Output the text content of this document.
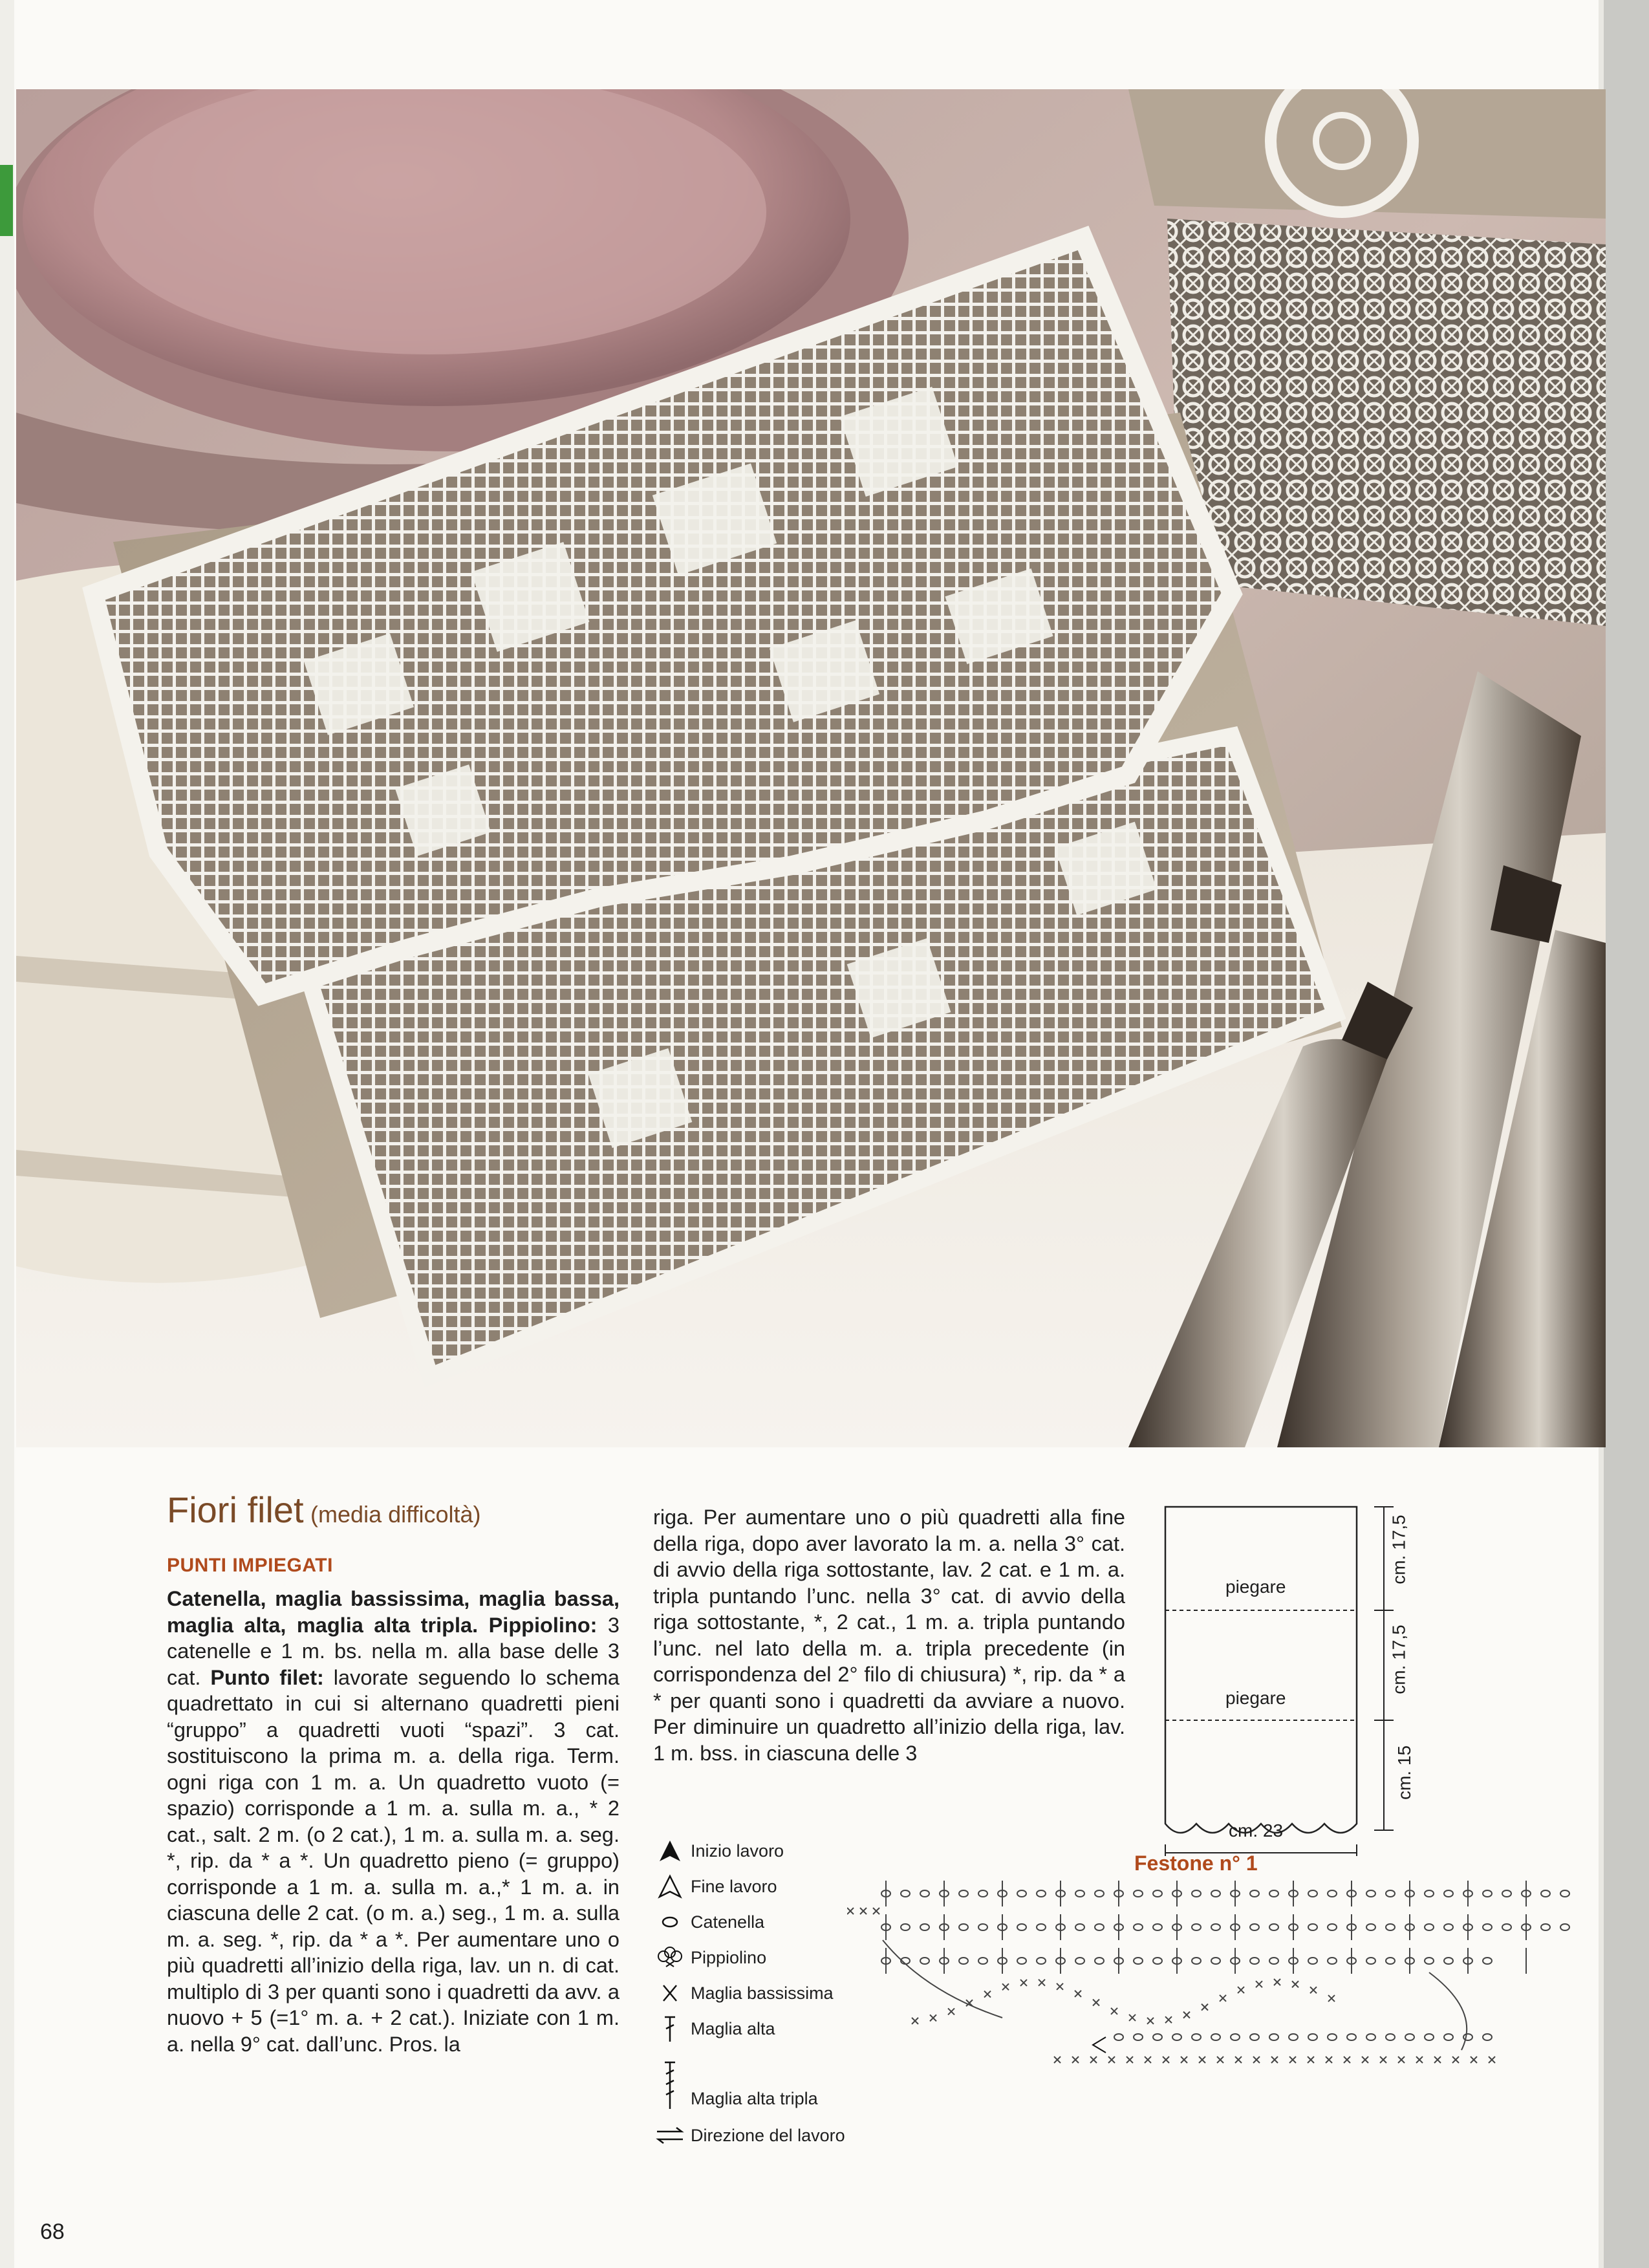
Fiori filet (media difficoltà)
PUNTI IMPIEGATI

Catenella, maglia bassissima, maglia bassa, maglia alta, maglia alta tripla. Pippiolino: 3 catenelle e 1 m. bs. nella m. alla base delle 3 cat. Punto filet: lavorate seguendo lo schema quadrettato in cui si alternano quadretti pieni “gruppo” a quadretti vuoti “spazi”. 3 cat. sostituiscono la prima m. a. della riga. Term. ogni riga con 1 m. a. Un quadretto vuoto (= spazio) corrisponde a 1 m. a. sulla m. a., * 2 cat., salt. 2 m. (o 2 cat.), 1 m. a. sulla m. a. seg. *, rip. da * a *. Un quadretto pieno (= gruppo) corrisponde a 1 m. a. sulla m. a.,* 1 m. a. in ciascuna delle 2 cat. (o m. a.) seg., 1 m. a. sulla m. a. seg. *, rip. da * a *. Per aumentare uno o più quadretti all’inizio della riga, lav. un n. di cat. multiplo di 3 per quanti sono i quadretti da avv. a nuovo + 5 (=1° m. a. + 2 cat.). Iniziate con 1 m. a. nella 9° cat. dall’unc. Pros. la

riga. Per aumentare uno o più quadretti alla fine della riga, dopo aver lavorato la m. a. nella 3° cat. di avvio della riga sottostante, lav. 2 cat. e 1 m. a. tripla puntando l’unc. nella 3° cat. di avvio della riga sottostante, *, 2 cat., 1 m. a. tripla puntando l’unc. nel lato della m. a. tripla precedente (in corrispondenza del 2° filo di chiusura) *, rip. da * a * per quanti sono i quadretti da avviare a nuovo. Per diminuire un quadretto all’inizio della riga, lav. 1 m. bss. in ciascuna delle 3

piegare
piegare
cm. 17,5
cm. 17,5
cm. 15
cm. 23
Inizio lavoro
Fine lavoro
Catenella
Pippiolino
Maglia bassissima
Maglia alta
Maglia alta tripla
Direzione del lavoro
Festone n° 1
68
